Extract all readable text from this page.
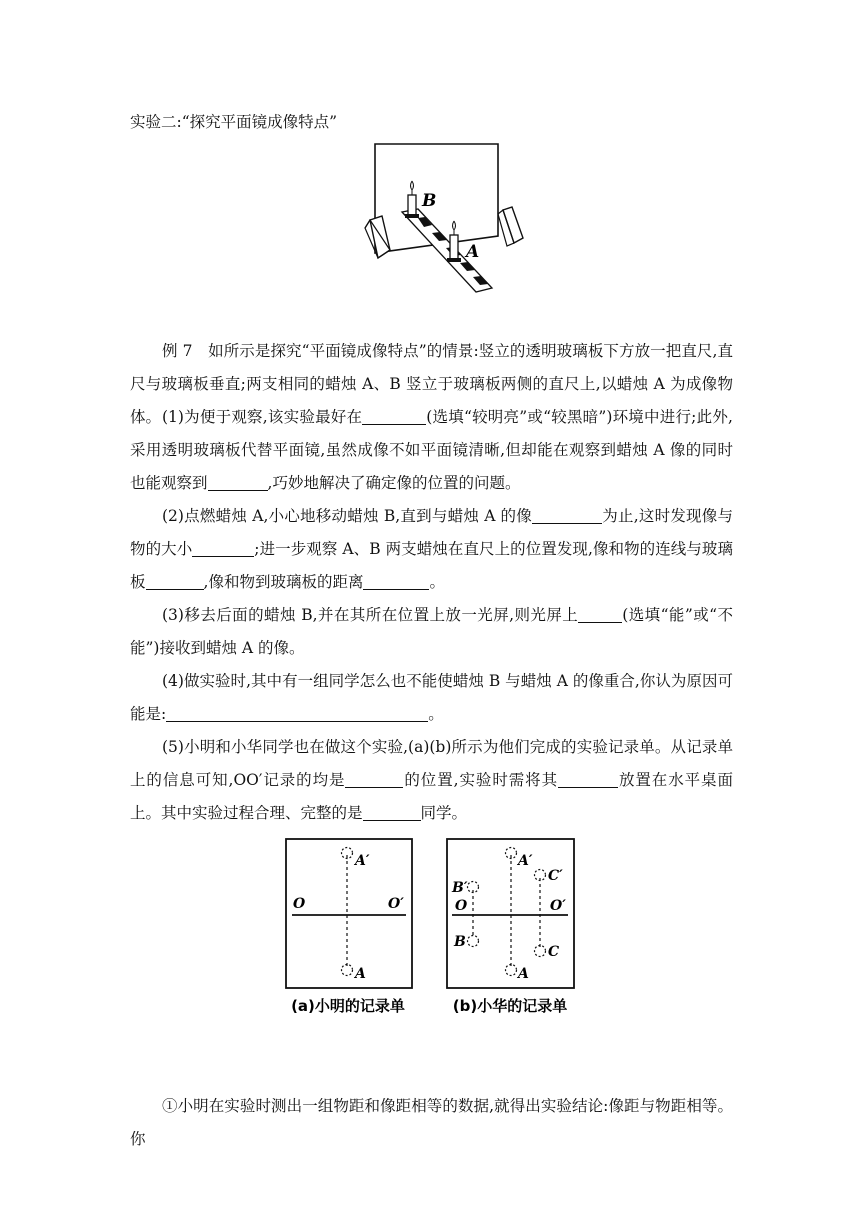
实验二:“探究平面镜成像特点”
B
A
例 7　如所示是探究“平面镜成像特点”的情景:竖立的透明玻璃板下方放一把直尺,直尺与玻璃板垂直;两支相同的蜡烛 A、B 竖立于玻璃板两侧的直尺上,以蜡烛 A 为成像物体。 (1)为便于观察,该实验最好在	(选填“较明亮”或“较黑暗”)环境中进行;此外,采用透明玻璃板代替平面镜,虽然成像不如平面镜清晰,但却能在观察到蜡烛 A 像的同时也能观察到	,巧妙地解决了确定像的位置的问题。
(2)点燃蜡烛 A,小心地移动蜡烛 B,直到与蜡烛 A 的像	为止,这时发现像与物的大小	;进一步观察 A、B 两支蜡烛在直尺上的位置发现,像和物的连线与玻璃板	,像和物到玻璃板的距离	。
(3)移去后面的蜡烛 B,并在其所在位置上放一光屏,则光屏上	(选填“能”或“不能”)接收到蜡烛 A 的像。
(4)做实验时,其中有一组同学怎么也不能使蜡烛 B 与蜡烛 A 的像重合,你认为原因可能是:	。
(5)小明和小华同学也在做这个实验,(a)(b)所示为他们完成的实验记录单。从记录单上的信息可知,OO′记录的均是	的位置,实验时需将其	放置在水平桌面上。其中实验过程合理、完整的是	同学。
A′
A
O	O′
(a)小明的记录单
A′
A
B′
B
C′
C
O	O′
(b)小华的记录单
①小明在实验时测出一组物距和像距相等的数据,就得出实验结论:像距与物距相等。你
